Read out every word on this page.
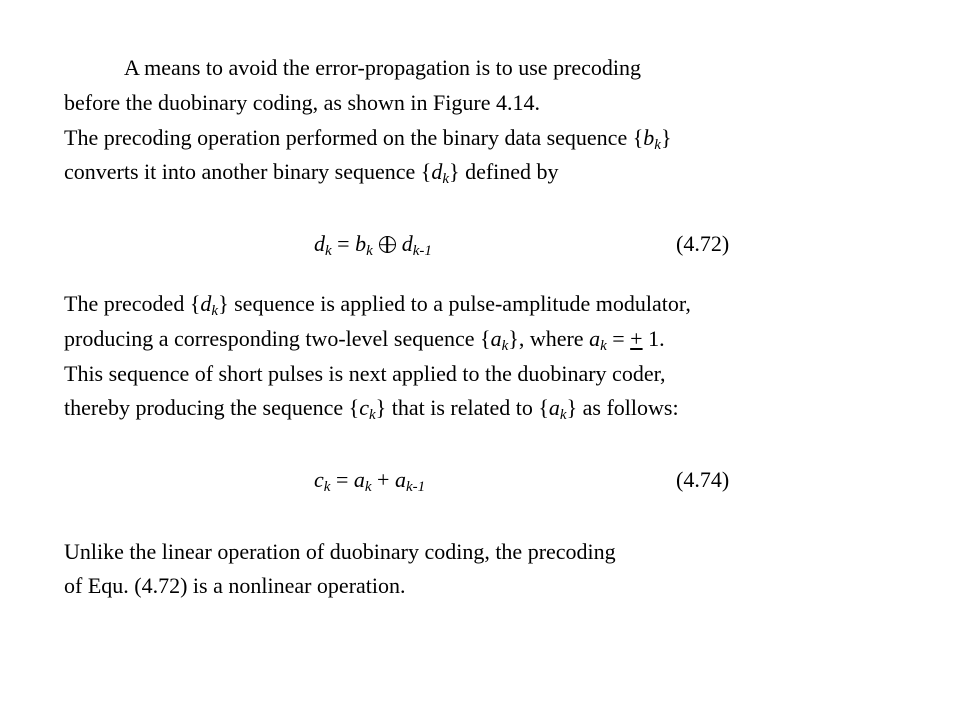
A means to avoid the error-propagation is to use precoding
before the duobinary coding, as shown in Figure 4.14.
The precoding operation performed on the binary data sequence $\{b_k\}$
converts it into another binary sequence $\{d_k\}$ defined by
$d_k = b_k$ $d_{k-1}$	(4.72)
The precoded $\{d_k\}$ sequence is applied to a pulse-amplitude modulator,
producing a corresponding two-level sequence $\{a_k\}$, where $a_k$ = + 1.
This sequence of short pulses is next applied to the duobinary coder,
thereby producing the sequence $\{c_k\}$ that is related to $\{a_k\}$ as follows:
$c_k = a_k + a_{k-1}$	(4.74)
Unlike the linear operation of duobinary coding, the precoding
of Equ. (4.72) is a nonlinear operation.
